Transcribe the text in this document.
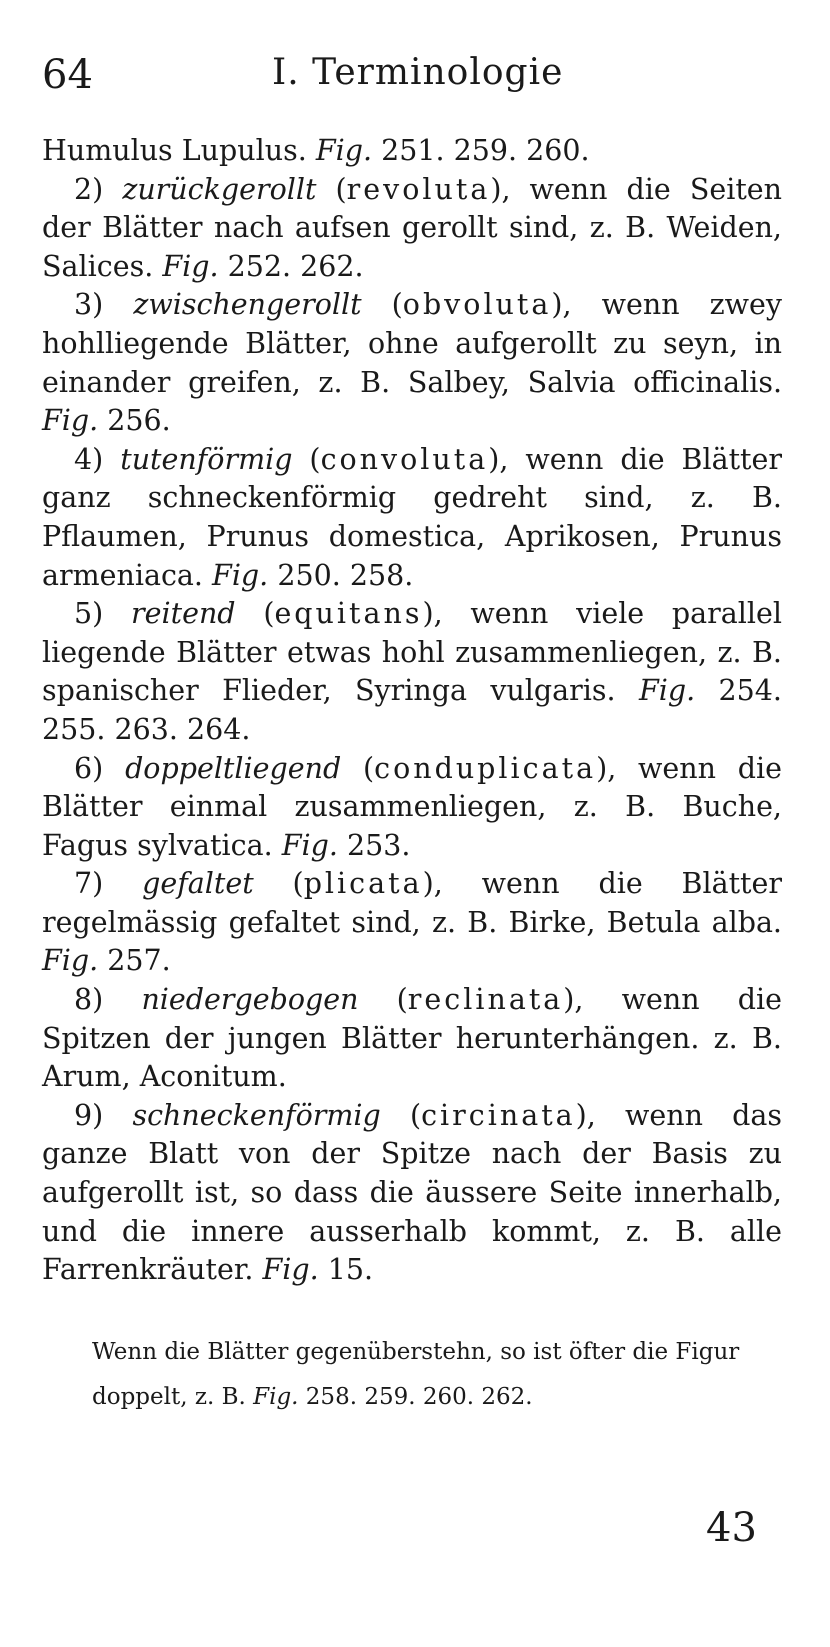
64	I. Terminologie

Humulus Lupulus. Fig. 251. 259. 260.

2) zurückgerollt (revoluta), wenn die Seiten der Blätter nach aufsen gerollt sind, z. B. Weiden, Salices. Fig. 252. 262.

3) zwischengerollt (obvoluta), wenn zwey hohlliegende Blätter, ohne aufgerollt zu seyn, in einander greifen, z. B. Salbey, Salvia officinalis. Fig. 256.

4) tutenförmig (convoluta), wenn die Blätter ganz schneckenförmig gedreht sind, z. B. Pflaumen, Prunus domestica, Aprikosen, Prunus armeniaca. Fig. 250. 258.

5) reitend (equitans), wenn viele parallel liegende Blätter etwas hohl zusammenliegen, z. B. spanischer Flieder, Syringa vulgaris. Fig. 254. 255. 263. 264.

6) doppeltliegend (conduplicata), wenn die Blätter einmal zusammenliegen, z. B. Buche, Fagus sylvatica. Fig. 253.

7) gefaltet (plicata), wenn die Blätter regelmässig gefaltet sind, z. B. Birke, Betula alba. Fig. 257.

8) niedergebogen (reclinata), wenn die Spitzen der jungen Blätter herunterhängen. z. B. Arum, Aconitum.

9) schneckenförmig (circinata), wenn das ganze Blatt von der Spitze nach der Basis zu aufgerollt ist, so dass die äussere Seite innerhalb, und die innere ausserhalb kommt, z. B. alle Farrenkräuter. Fig. 15.

Wenn die Blätter gegenüberstehn, so ist öfter die Figur doppelt, z. B. Fig. 258. 259. 260. 262.
43
